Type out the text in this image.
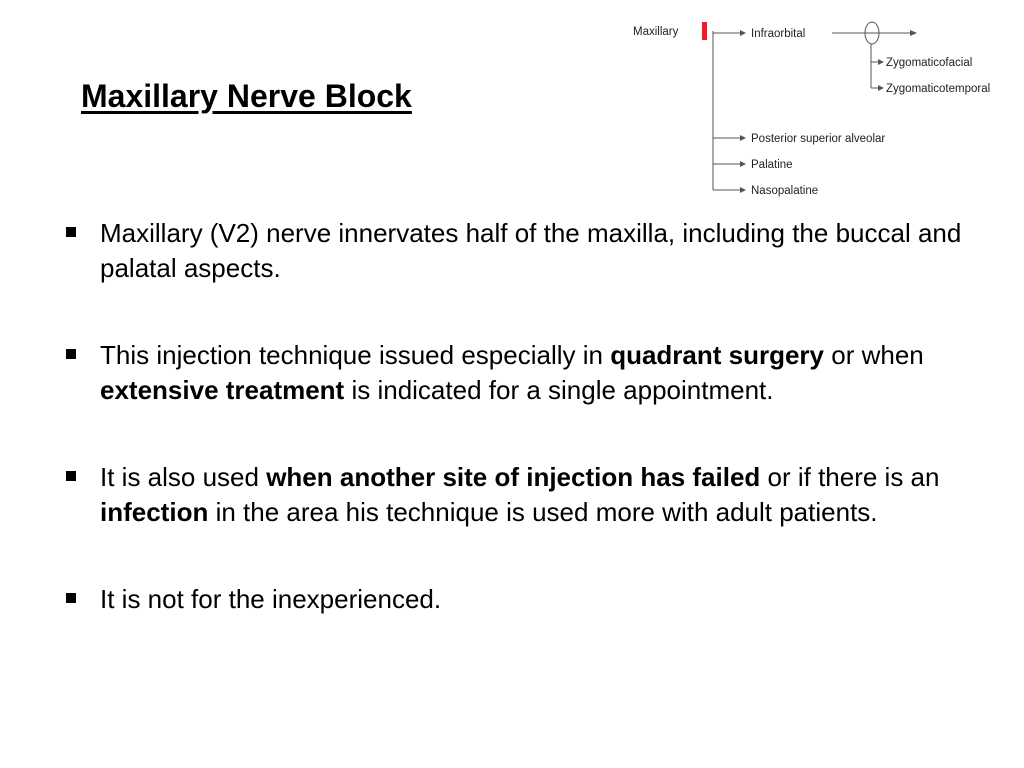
Maxillary Nerve Block
Maxillary	Infraorbital
Zygomaticofacial
Zygomaticotemporal
Posterior superior alveolar
Palatine
Nasopalatine
Maxillary (V2) nerve innervates half of the maxilla, including the buccal and palatal aspects.
This injection technique issued especially in quadrant surgery or when extensive treatment is indicated for a single appointment.
It is also used when another site of injection has failed or if there is an infection in the area his technique is used more with adult patients.
It is not for the inexperienced.
